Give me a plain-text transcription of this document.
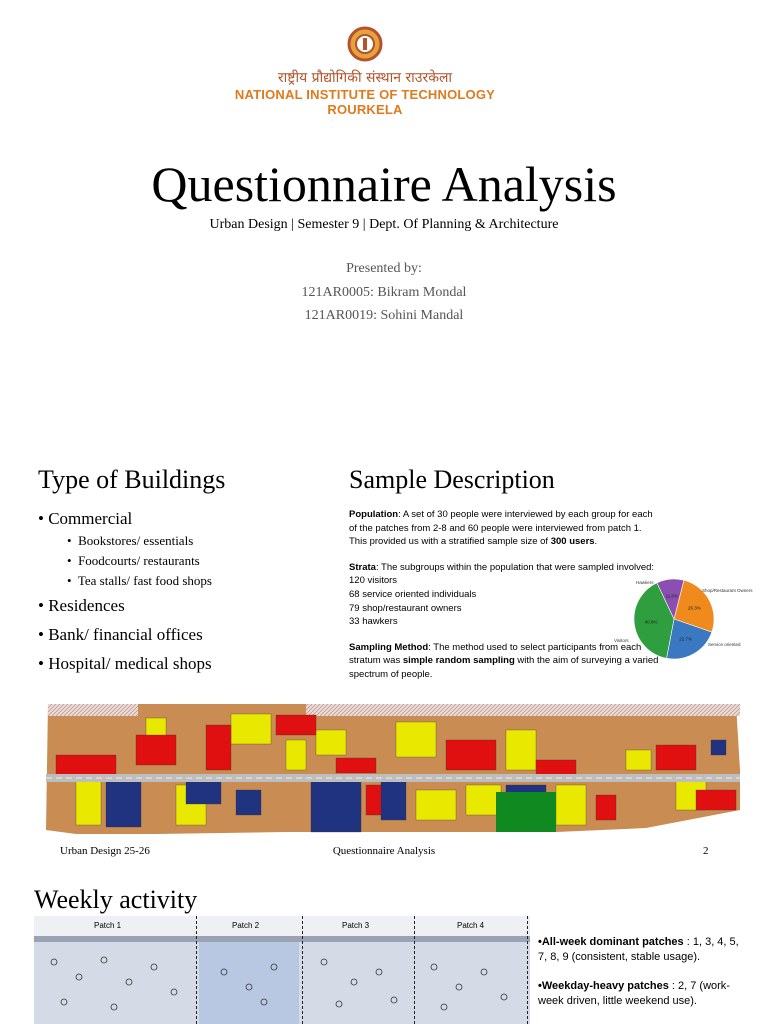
राष्ट्रीय प्रौद्योगिकी संस्थान राउरकेला
NATIONAL INSTITUTE OF TECHNOLOGY ROURKELA
Questionnaire Analysis
Urban Design | Semester 9 | Dept. Of Planning & Architecture
Presented by:
121AR0005: Bikram Mondal
121AR0019: Sohini Mandal
Type of Buildings
• Commercial
•  Bookstores/ essentials
•  Foodcourts/ restaurants
•  Tea stalls/ fast food shops
• Residences
• Bank/ financial offices
• Hospital/ medical shops
Sample Description

Population: A set of 30 people were interviewed by each group for each of the patches from 2-8 and 60 people were interviewed from patch 1. This provided us with a stratified sample size of 300 users.

Strata: The subgroups within the population that were sampled involved:
120 visitors
68 service oriented individuals
79 shop/restaurant owners
33 hawkers

Sampling Method: The method used to select participants from each stratum was simple random sampling with the aim of surveying a varied spectrum of people.

26.3%
Shop/Restaurant Owners
22.7%
Service oriented
40.0%
Visitors
11.0%
Hawkers
Urban Design 25-26	Questionnaire Analysis	2
Weekly activity
Patch 1	Patch 2	Patch 3	Patch 4

•All-week dominant patches : 1, 3, 4, 5, 7, 8, 9 (consistent, stable usage).

•Weekday-heavy patches : 2, 7 (work-week driven, little weekend use).
